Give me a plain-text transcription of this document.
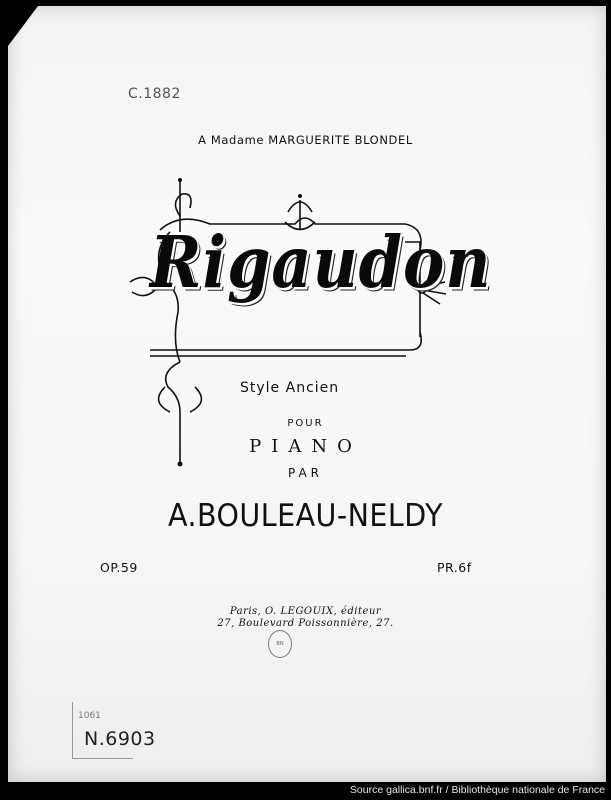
C.1882
A Madame MARGUERITE BLONDEL
Rigaudon
Style Ancien
POUR
PIANO
PAR
A.BOULEAU-NELDY
OP.59	PR.6f
Paris, O. LEGOUIX, éditeur
27, Boulevard Poissonnière, 27.
BN
1061
N.6903
Source gallica.bnf.fr / Bibliothèque nationale de France
